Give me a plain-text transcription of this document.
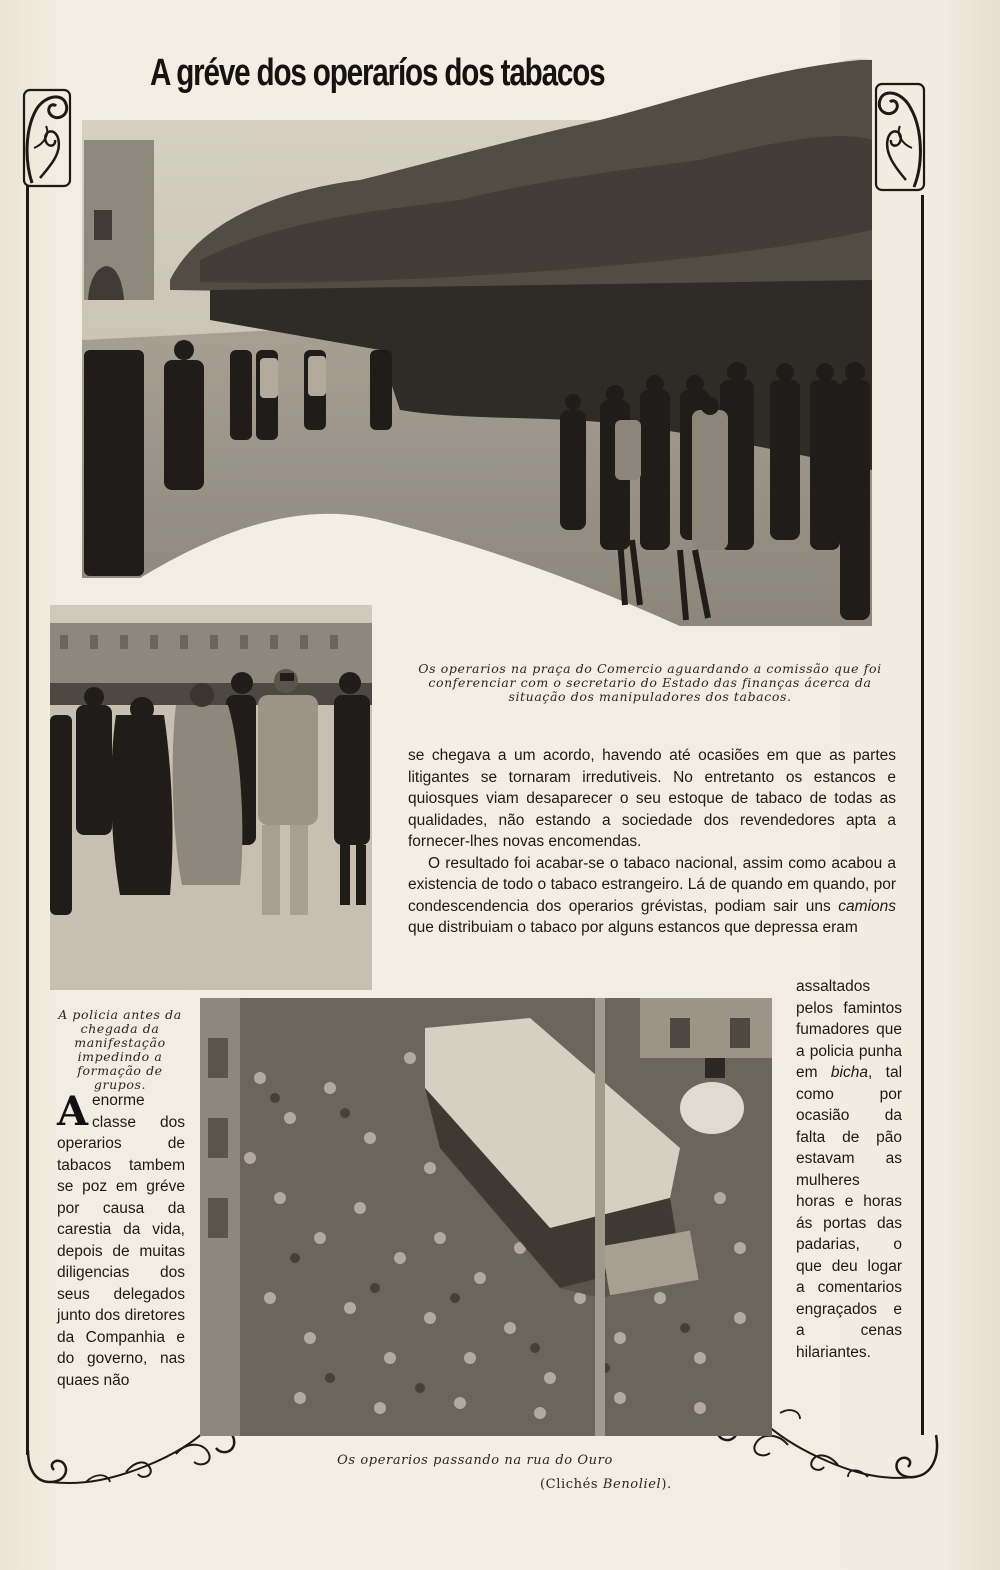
A gréve dos operaríos dos tabacos
Os operarios na praça do Comercio aguardando a comissão que foi conferenciar com o secretario do Estado das finanças ácerca da situação dos manipuladores dos tabacos.
A policia antes da chegada da manifestação impedindo a formação de grupos.
Os operarios passando na rua do Ouro
(Clichés Benoliel).

se chegava a um acordo, havendo até ocasiões em que as partes litigantes se tornaram irredutiveis. No entretanto os estancos e quiosques viam desaparecer o seu estoque de tabaco de todas as qualidades, não estando a sociedade dos revendedores apta a fornecer-lhes novas encomendas.

O resultado foi acabar-se o tabaco nacional, assim como acabou a existencia de todo o tabaco estrangeiro. Lá de quando em quando, por condescendencia dos operarios grévistas, podiam sair uns camions que distribuiam o tabaco por alguns estancos que depressa eram

assaltados pelos famintos fumadores que a policia punha em bicha, tal como por ocasião da falta de pão estavam as mulheres horas e horas ás portas das padarias, o que deu logar a comentarios engraçados e a cenas hilariantes.
Aenorme classe dos operarios de tabacos tambem se poz em gréve por causa da carestia da vida, depois de muitas diligencias dos seus delegados junto dos diretores da Companhia e do governo, nas quaes não
